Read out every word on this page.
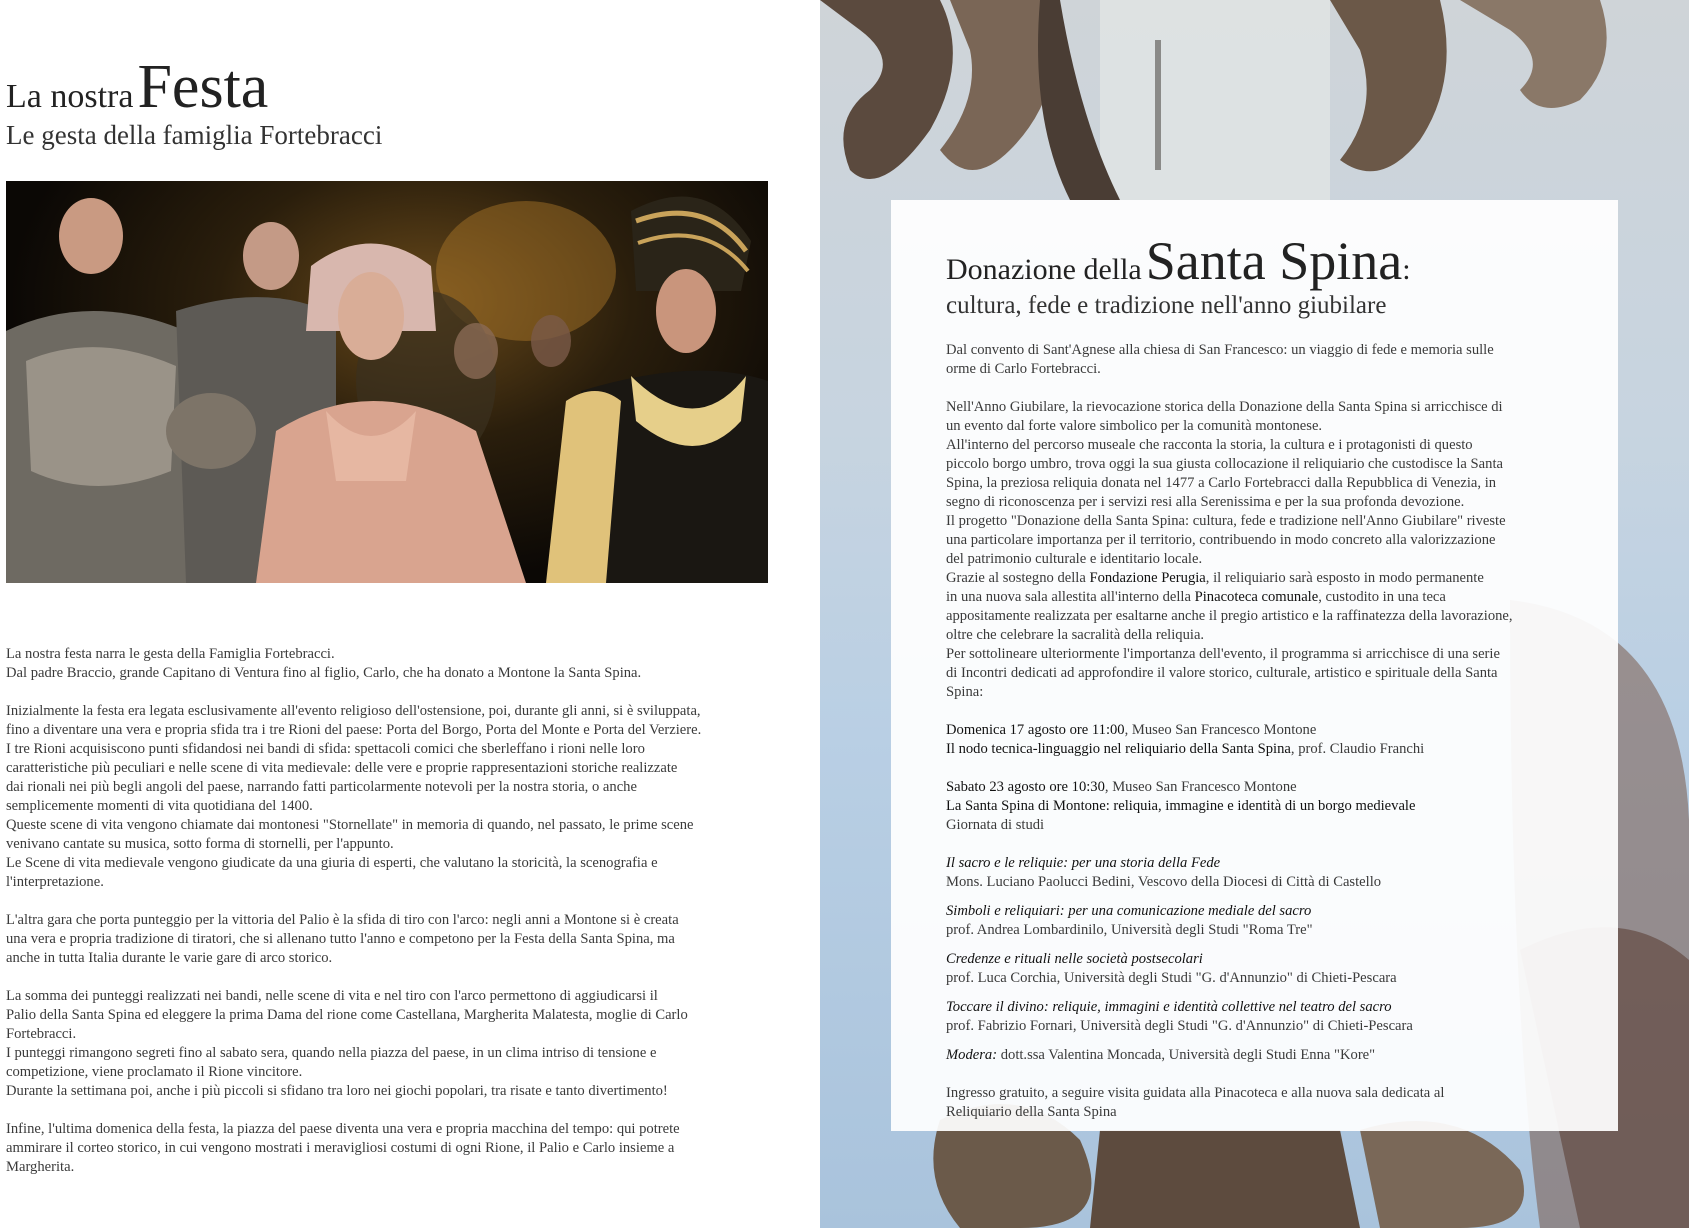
La nostra Festa
Le gesta della famiglia Fortebracci

La nostra festa narra le gesta della Famiglia Fortebracci.
Dal padre Braccio, grande Capitano di Ventura fino al figlio, Carlo, che ha donato a Montone la Santa Spina.

Inizialmente la festa era legata esclusivamente all'evento religioso dell'ostensione, poi, durante gli anni, si è sviluppata,
fino a diventare una vera e propria sfida tra i tre Rioni del paese: Porta del Borgo, Porta del Monte e Porta del Verziere.
I tre Rioni acquisiscono punti sfidandosi nei bandi di sfida: spettacoli comici che sberleffano i rioni nelle loro
caratteristiche più peculiari e nelle scene di vita medievale: delle vere e proprie rappresentazioni storiche realizzate
dai rionali nei più begli angoli del paese, narrando fatti particolarmente notevoli per la nostra storia, o anche
semplicemente momenti di vita quotidiana del 1400.
Queste scene di vita vengono chiamate dai montonesi "Stornellate" in memoria di quando, nel passato, le prime scene
venivano cantate su musica, sotto forma di stornelli, per l'appunto.
Le Scene di vita medievale vengono giudicate da una giuria di esperti, che valutano la storicità, la scenografia e
l'interpretazione.

L'altra gara che porta punteggio per la vittoria del Palio è la sfida di tiro con l'arco: negli anni a Montone si è creata
una vera e propria tradizione di tiratori, che si allenano tutto l'anno e competono per la Festa della Santa Spina, ma
anche in tutta Italia durante le varie gare di arco storico.

La somma dei punteggi realizzati nei bandi, nelle scene di vita e nel tiro con l'arco permettono di aggiudicarsi il
Palio della Santa Spina ed eleggere la prima Dama del rione come Castellana, Margherita Malatesta, moglie di Carlo
Fortebracci.
I punteggi rimangono segreti fino al sabato sera, quando nella piazza del paese, in un clima intriso di tensione e
competizione, viene proclamato il Rione vincitore.
Durante la settimana poi, anche i più piccoli si sfidano tra loro nei giochi popolari, tra risate e tanto divertimento!

Infine, l'ultima domenica della festa, la piazza del paese diventa una vera e propria macchina del tempo: qui potrete
ammirare il corteo storico, in cui vengono mostrati i meravigliosi costumi di ogni Rione, il Palio e Carlo insieme a
Margherita.

Donazione della Santa Spina:
cultura, fede e tradizione nell'anno giubilare
Dal convento di Sant'Agnese alla chiesa di San Francesco: un viaggio di fede e memoria sulle
orme di Carlo Fortebracci.
Nell'Anno Giubilare, la rievocazione storica della Donazione della Santa Spina si arricchisce di
un evento dal forte valore simbolico per la comunità montonese.
All'interno del percorso museale che racconta la storia, la cultura e i protagonisti di questo
piccolo borgo umbro, trova oggi la sua giusta collocazione il reliquiario che custodisce la Santa
Spina, la preziosa reliquia donata nel 1477 a Carlo Fortebracci dalla Repubblica di Venezia, in
segno di riconoscenza per i servizi resi alla Serenissima e per la sua profonda devozione.
Il progetto "Donazione della Santa Spina: cultura, fede e tradizione nell'Anno Giubilare" riveste
una particolare importanza per il territorio, contribuendo in modo concreto alla valorizzazione
del patrimonio culturale e identitario locale.
Grazie al sostegno della Fondazione Perugia, il reliquiario sarà esposto in modo permanente
in una nuova sala allestita all'interno della Pinacoteca comunale, custodito in una teca
appositamente realizzata per esaltarne anche il pregio artistico e la raffinatezza della lavorazione,
oltre che celebrare la sacralità della reliquia.
Per sottolineare ulteriormente l'importanza dell'evento, il programma si arricchisce di una serie
di Incontri dedicati ad approfondire il valore storico, culturale, artistico e spirituale della Santa
Spina:
Domenica 17 agosto ore 11:00, Museo San Francesco Montone
Il nodo tecnica-linguaggio nel reliquiario della Santa Spina, prof. Claudio Franchi
Sabato 23 agosto ore 10:30, Museo San Francesco Montone
La Santa Spina di Montone: reliquia, immagine e identità di un borgo medievale
Giornata di studi
Il sacro e le reliquie: per una storia della Fede
Mons. Luciano Paolucci Bedini, Vescovo della Diocesi di Città di Castello
Simboli e reliquiari: per una comunicazione mediale del sacro
prof. Andrea Lombardinilo, Università degli Studi "Roma Tre"
Credenze e rituali nelle società postsecolari
prof. Luca Corchia, Università degli Studi "G. d'Annunzio" di Chieti-Pescara
Toccare il divino: reliquie, immagini e identità collettive nel teatro del sacro
prof. Fabrizio Fornari, Università degli Studi "G. d'Annunzio" di Chieti-Pescara
Modera: dott.ssa Valentina Moncada, Università degli Studi Enna "Kore"
Ingresso gratuito, a seguire visita guidata alla Pinacoteca e alla nuova sala dedicata al
Reliquiario della Santa Spina
